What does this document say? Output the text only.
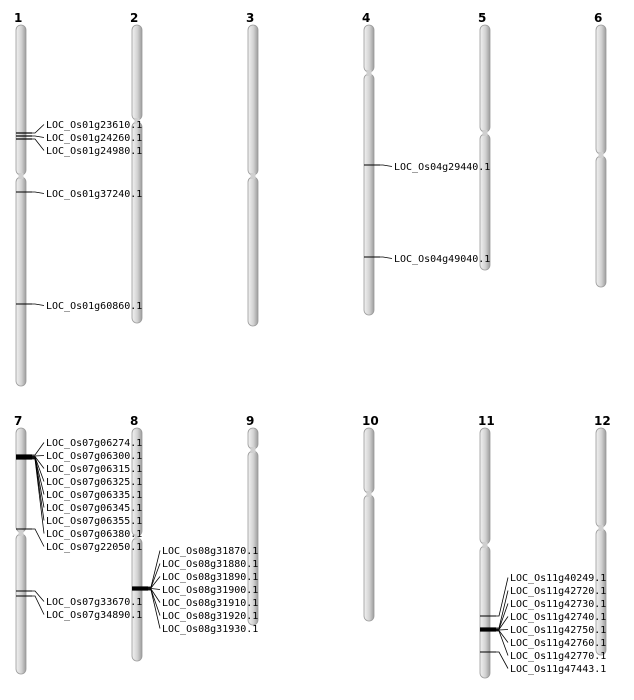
1	2	3	4	5	6
7	8	9	10	11	12
LOC_Os01g23610.1
LOC_Os01g24260.1
LOC_Os01g24980.1
LOC_Os01g37240.1
LOC_Os01g60860.1
LOC_Os04g29440.1
LOC_Os04g49040.1
LOC_Os07g06274.1
LOC_Os07g06300.1
LOC_Os07g06315.1
LOC_Os07g06325.1
LOC_Os07g06335.1
LOC_Os07g06345.1
LOC_Os07g06355.1
LOC_Os07g06380.1
LOC_Os07g22050.1
LOC_Os07g33670.1
LOC_Os07g34890.1
LOC_Os08g31870.1
LOC_Os08g31880.1
LOC_Os08g31890.1
LOC_Os08g31900.1
LOC_Os08g31910.1
LOC_Os08g31920.1
LOC_Os08g31930.1
LOC_Os11g40249.1
LOC_Os11g42720.1
LOC_Os11g42730.1
LOC_Os11g42740.1
LOC_Os11g42750.1
LOC_Os11g42760.1
LOC_Os11g42770.1
LOC_Os11g47443.1
